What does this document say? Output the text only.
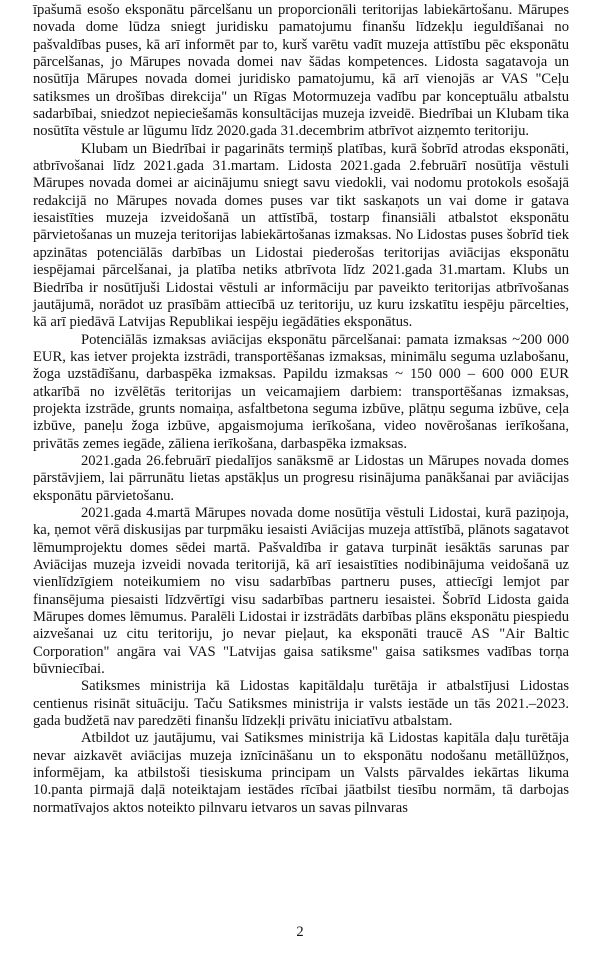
īpašumā esošo eksponātu pārcelšanu un proporcionāli teritorijas labiekārtošanu. Mārupes novada dome lūdza sniegt juridisku pamatojumu finanšu līdzekļu ieguldīšanai no pašvaldības puses, kā arī informēt par to, kurš varētu vadīt muzeja attīstību pēc eksponātu pārcelšanas, jo Mārupes novada domei nav šādas kompetences. Lidosta sagatavoja un nosūtīja Mārupes novada domei juridisko pamatojumu, kā arī vienojās ar VAS "Ceļu satiksmes un drošības direkcija" un Rīgas Motormuzeja vadību par konceptuālu atbalstu sadarbībai, sniedzot nepieciešamās konsultācijas muzeja izveidē. Biedrībai un Klubam tika nosūtīta vēstule ar lūgumu līdz 2020.gada 31.decembrim atbrīvot aizņemto teritoriju.

Klubam un Biedrībai ir pagarināts termiņš platības, kurā šobrīd atrodas eksponāti, atbrīvošanai līdz 2021.gada 31.martam. Lidosta 2021.gada 2.februārī nosūtīja vēstuli Mārupes novada domei ar aicinājumu sniegt savu viedokli, vai nodomu protokols esošajā redakcijā no Mārupes novada domes puses var tikt saskaņots un vai dome ir gatava iesaistīties muzeja izveidošanā un attīstībā, tostarp finansiāli atbalstot eksponātu pārvietošanas un muzeja teritorijas labiekārtošanas izmaksas. No Lidostas puses šobrīd tiek apzinātas potenciālās darbības un Lidostai piederošas teritorijas aviācijas eksponātu iespējamai pārcelšanai, ja platība netiks atbrīvota līdz 2021.gada 31.martam. Klubs un Biedrība ir nosūtījuši Lidostai vēstuli ar informāciju par paveikto teritorijas atbrīvošanas jautājumā, norādot uz prasībām attiecībā uz teritoriju, uz kuru izskatītu iespēju pārcelties, kā arī piedāvā Latvijas Republikai iespēju iegādāties eksponātus.

Potenciālās izmaksas aviācijas eksponātu pārcelšanai: pamata izmaksas ~200 000 EUR, kas ietver projekta izstrādi, transportēšanas izmaksas, minimālu seguma uzlabošanu, žoga uzstādīšanu, darbaspēka izmaksas. Papildu izmaksas ~ 150 000 – 600 000 EUR atkarībā no izvēlētās teritorijas un veicamajiem darbiem: transportēšanas izmaksas, projekta izstrāde, grunts nomaiņa, asfaltbetona seguma izbūve, plātņu seguma izbūve, ceļa izbūve, paneļu žoga izbūve, apgaismojuma ierīkošana, video novērošanas ierīkošana, privātās zemes iegāde, zāliena ierīkošana, darbaspēka izmaksas.

2021.gada 26.februārī piedalījos sanāksmē ar Lidostas un Mārupes novada domes pārstāvjiem, lai pārrunātu lietas apstākļus un progresu risinājuma panākšanai par aviācijas eksponātu pārvietošanu.

2021.gada 4.martā Mārupes novada dome nosūtīja vēstuli Lidostai, kurā paziņoja, ka, ņemot vērā diskusijas par turpmāku iesaisti Aviācijas muzeja attīstībā, plānots sagatavot lēmumprojektu domes sēdei martā. Pašvaldība ir gatava turpināt iesāktās sarunas par Aviācijas muzeja izveidi novada teritorijā, kā arī iesaistīties nodibinājuma veidošanā uz vienlīdzīgiem noteikumiem no visu sadarbības partneru puses, attiecīgi lemjot par finansējuma piesaisti līdzvērtīgi visu sadarbības partneru iesaistei. Šobrīd Lidosta gaida Mārupes domes lēmumus. Paralēli Lidostai ir izstrādāts darbības plāns eksponātu piespiedu aizvešanai uz citu teritoriju, jo nevar pieļaut, ka eksponāti traucē AS "Air Baltic Corporation" angāra vai VAS "Latvijas gaisa satiksme" gaisa satiksmes vadības torņa būvniecībai.

Satiksmes ministrija kā Lidostas kapitāldaļu turētāja ir atbalstījusi Lidostas centienus risināt situāciju. Taču Satiksmes ministrija ir valsts iestāde un tās 2021.–2023. gada budžetā nav paredzēti finanšu līdzekļi privātu iniciatīvu atbalstam.

Atbildot uz jautājumu, vai Satiksmes ministrija kā Lidostas kapitāla daļu turētāja nevar aizkavēt aviācijas muzeja iznīcināšanu un to eksponātu nodošanu metāllūžņos, informējam, ka atbilstoši tiesiskuma principam un Valsts pārvaldes iekārtas likuma 10.panta pirmajā daļā noteiktajam iestādes rīcībai jāatbilst tiesību normām, tā darbojas normatīvajos aktos noteikto pilnvaru ietvaros un savas pilnvaras

2
